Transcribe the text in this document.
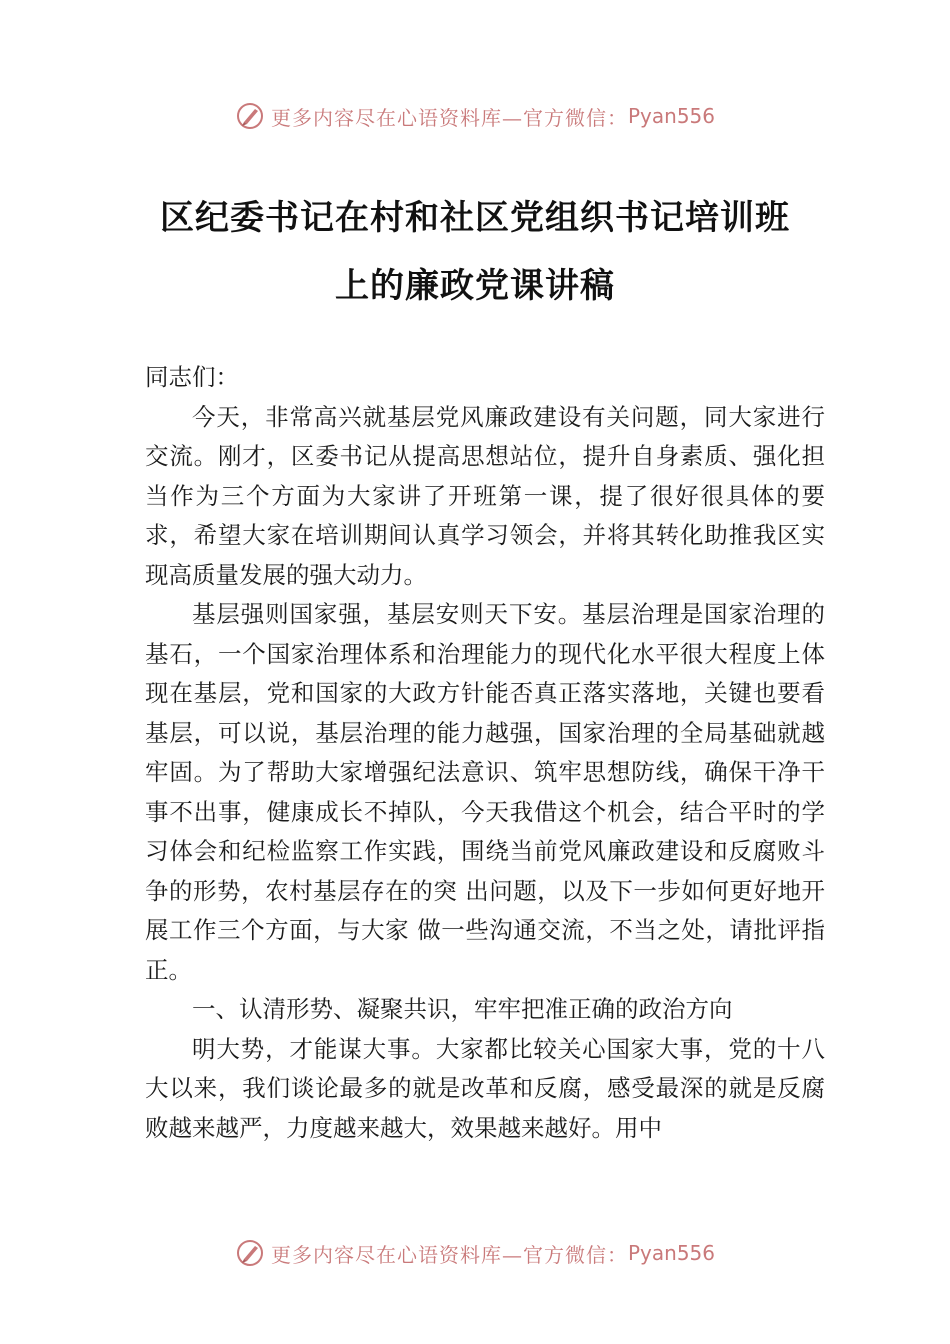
更多内容尽在心语资料库—官方微信： Pyan556
区纪委书记在村和社区党组织书记培训班
上的廉政党课讲稿

同志们：

今天，非常高兴就基层党风廉政建设有关问题，同大家进行交流。刚才，区委书记从提高思想站位，提升自身素质、强化担当作为三个方面为大家讲了开班第一课，提了很好很具体的要求，希望大家在培训期间认真学习领会，并将其转化助推我区实现高质量发展的强大动力。

基层强则国家强，基层安则天下安。基层治理是国家治理的基石，一个国家治理体系和治理能力的现代化水平很大程度上体现在基层，党和国家的大政方针能否真正落实落地，关键也要看基层，可以说，基层治理的能力越强，国家治理的全局基础就越牢固。为了帮助大家增强纪法意识、筑牢思想防线，确保干净干事不出事，健康成长不掉队，今天我借这个机会，结合平时的学习体会和纪检监察工作实践，围绕当前党风廉政建设和反腐败斗争的形势，农村基层存在的突 出问题，以及下一步如何更好地开展工作三个方面，与大家 做一些沟通交流，不当之处，请批评指正。

一、认清形势、凝聚共识，牢牢把准正确的政治方向

明大势，才能谋大事。大家都比较关心国家大事，党的十八大以来，我们谈论最多的就是改革和反腐，感受最深的就是反腐败越来越严，力度越来越大，效果越来越好。用中

更多内容尽在心语资料库—官方微信： Pyan556
